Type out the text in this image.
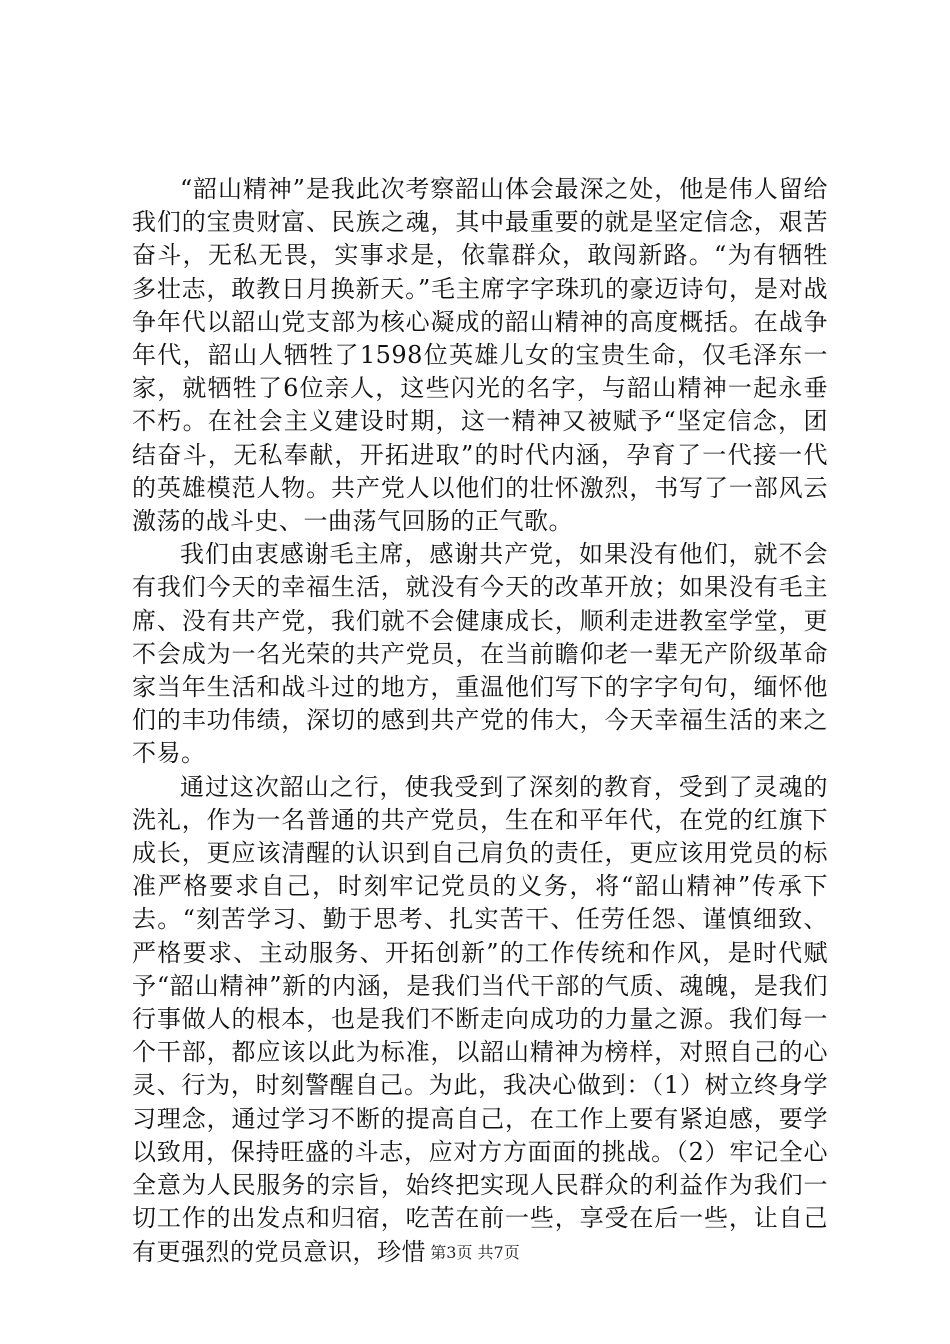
“韶山精神”是我此次考察韶山体会最深之处，他是伟人留给我们的宝贵财富、民族之魂，其中最重要的就是坚定信念，艰苦奋斗，无私无畏，实事求是，依靠群众，敢闯新路。“为有牺牲多壮志，敢教日月换新天。”毛主席字字珠玑的豪迈诗句，是对战争年代以韶山党支部为核心凝成的韶山精神的高度概括。在战争年代，韶山人牺牲了1598位英雄儿女的宝贵生命，仅毛泽东一家，就牺牲了6位亲人，这些闪光的名字，与韶山精神一起永垂不朽。在社会主义建设时期，这一精神又被赋予“坚定信念，团结奋斗，无私奉献，开拓进取”的时代内涵，孕育了一代接一代的英雄模范人物。共产党人以他们的壮怀激烈，书写了一部风云激荡的战斗史、一曲荡气回肠的正气歌。

我们由衷感谢毛主席，感谢共产党，如果没有他们，就不会有我们今天的幸福生活，就没有今天的改革开放；如果没有毛主席、没有共产党，我们就不会健康成长，顺利走进教室学堂，更不会成为一名光荣的共产党员，在当前瞻仰老一辈无产阶级革命家当年生活和战斗过的地方，重温他们写下的字字句句，缅怀他们的丰功伟绩，深切的感到共产党的伟大，今天幸福生活的来之不易。

通过这次韶山之行，使我受到了深刻的教育，受到了灵魂的洗礼，作为一名普通的共产党员，生在和平年代，在党的红旗下成长，更应该清醒的认识到自己肩负的责任，更应该用党员的标准严格要求自己，时刻牢记党员的义务，将“韶山精神”传承下去。“刻苦学习、勤于思考、扎实苦干、任劳任怨、谨慎细致、严格要求、主动服务、开拓创新”的工作传统和作风，是时代赋予“韶山精神”新的内涵，是我们当代干部的气质、魂魄，是我们行事做人的根本，也是我们不断走向成功的力量之源。我们每一个干部，都应该以此为标准，以韶山精神为榜样，对照自己的心灵、行为，时刻警醒自己。为此，我决心做到：（1）树立终身学习理念，通过学习不断的提高自己，在工作上要有紧迫感，要学以致用，保持旺盛的斗志，应对方方面面的挑战。（2）牢记全心全意为人民服务的宗旨，始终把实现人民群众的利益作为我们一切工作的出发点和归宿，吃苦在前一些，享受在后一些，让自己有更强烈的党员意识，珍惜 第3页 共7页
